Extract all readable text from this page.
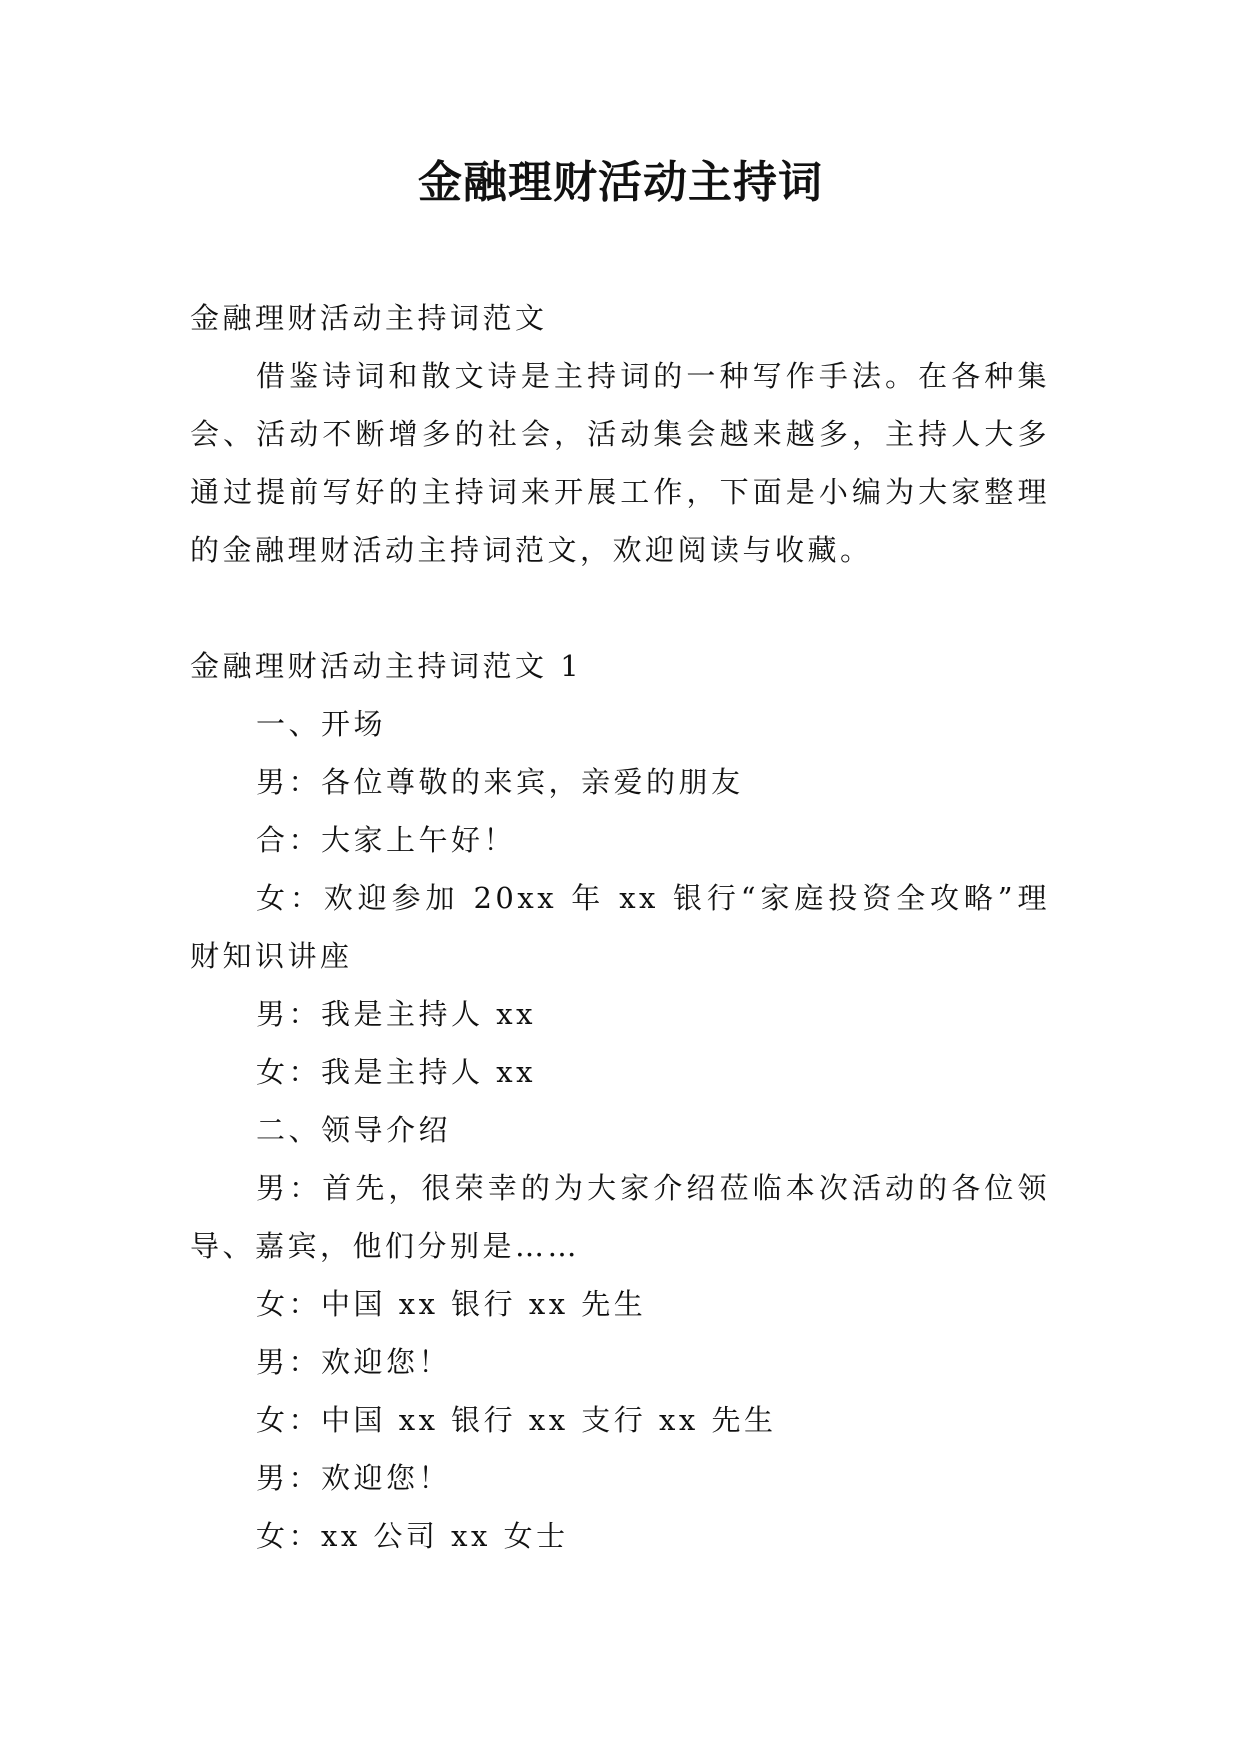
金融理财活动主持词

金融理财活动主持词范文

借鉴诗词和散文诗是主持词的一种写作手法。在各种集会、活动不断增多的社会，活动集会越来越多，主持人大多通过提前写好的主持词来开展工作，下面是小编为大家整理的金融理财活动主持词范文，欢迎阅读与收藏。

金融理财活动主持词范文 1

一、开场

男：各位尊敬的来宾，亲爱的朋友

合：大家上午好！

女：欢迎参加 20xx 年 xx 银行“家庭投资全攻略”理财知识讲座

男：我是主持人 xx

女：我是主持人 xx

二、领导介绍

男：首先，很荣幸的为大家介绍莅临本次活动的各位领导、嘉宾，他们分别是……

女：中国 xx 银行 xx 先生

男：欢迎您！

女：中国 xx 银行 xx 支行 xx 先生

男：欢迎您！

女：xx 公司 xx 女士
